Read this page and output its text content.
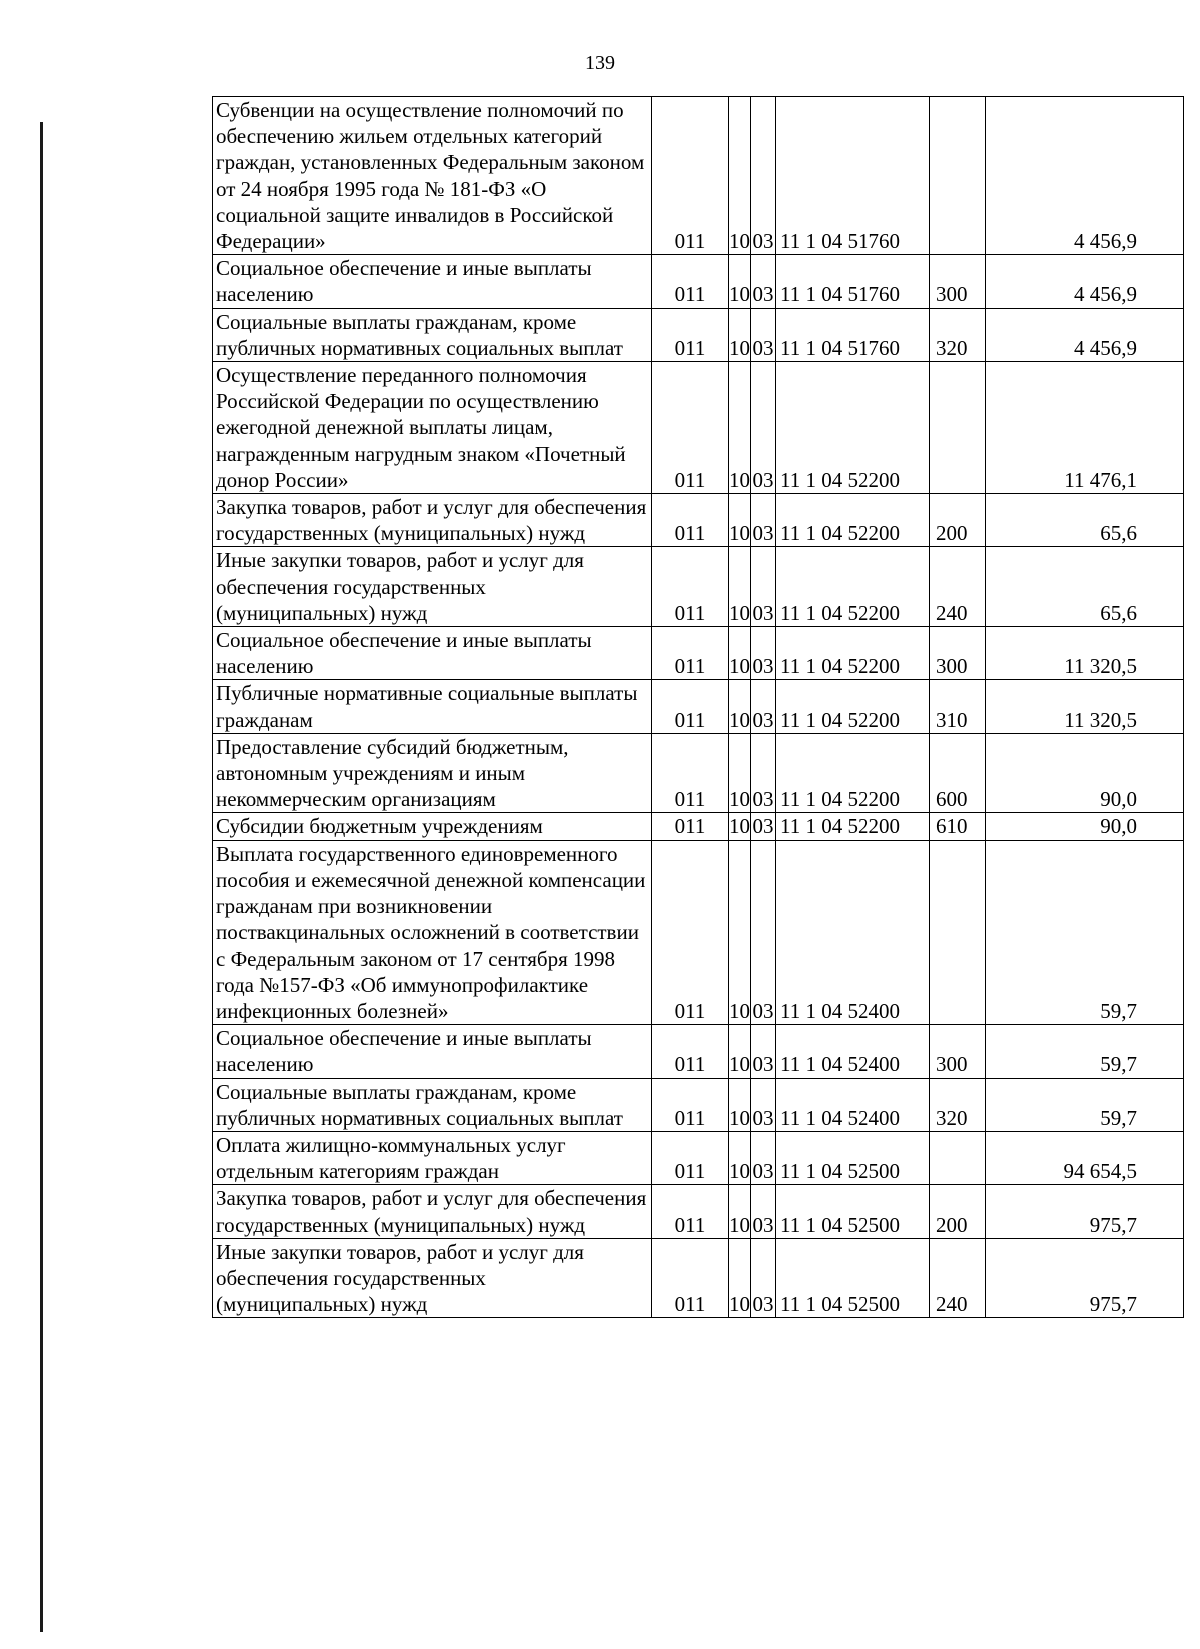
139
Субвенции на осуществление полномочий по обеспечению жильем отдельных категорий граждан, установленных Федеральным законом от 24 ноября 1995 года № 181-ФЗ «О социальной защите инвалидов в Российской Федерации»	011	10	03	11 1 04 51760		4 456,9
Социальное обеспечение и иные выплаты населению	011	10	03	11 1 04 51760	300	4 456,9
Социальные выплаты гражданам, кроме публичных нормативных социальных выплат	011	10	03	11 1 04 51760	320	4 456,9
Осуществление переданного полномочия Российской Федерации по осуществлению ежегодной денежной выплаты лицам, награжденным нагрудным знаком «Почетный донор России»	011	10	03	11 1 04 52200		11 476,1
Закупка товаров, работ и услуг для обеспечения государственных (муниципальных) нужд	011	10	03	11 1 04 52200	200	65,6
Иные закупки товаров, работ и услуг для обеспечения государственных (муниципальных) нужд	011	10	03	11 1 04 52200	240	65,6
Социальное обеспечение и иные выплаты населению	011	10	03	11 1 04 52200	300	11 320,5
Публичные нормативные социальные выплаты гражданам	011	10	03	11 1 04 52200	310	11 320,5
Предоставление субсидий бюджетным, автономным учреждениям и иным некоммерческим организациям	011	10	03	11 1 04 52200	600	90,0
Субсидии бюджетным учреждениям	011	10	03	11 1 04 52200	610	90,0
Выплата государственного единовременного пособия и ежемесячной денежной компенсации гражданам при возникновении поствакцинальных осложнений в соответствии с Федеральным законом от 17 сентября 1998 года №157-ФЗ «Об иммунопрофилактике инфекционных болезней»	011	10	03	11 1 04 52400		59,7
Социальное обеспечение и иные выплаты населению	011	10	03	11 1 04 52400	300	59,7
Социальные выплаты гражданам, кроме публичных нормативных социальных выплат	011	10	03	11 1 04 52400	320	59,7
Оплата жилищно-коммунальных услуг отдельным категориям граждан	011	10	03	11 1 04 52500		94 654,5
Закупка товаров, работ и услуг для обеспечения государственных (муниципальных) нужд	011	10	03	11 1 04 52500	200	975,7
Иные закупки товаров, работ и услуг для обеспечения государственных (муниципальных) нужд	011	10	03	11 1 04 52500	240	975,7
